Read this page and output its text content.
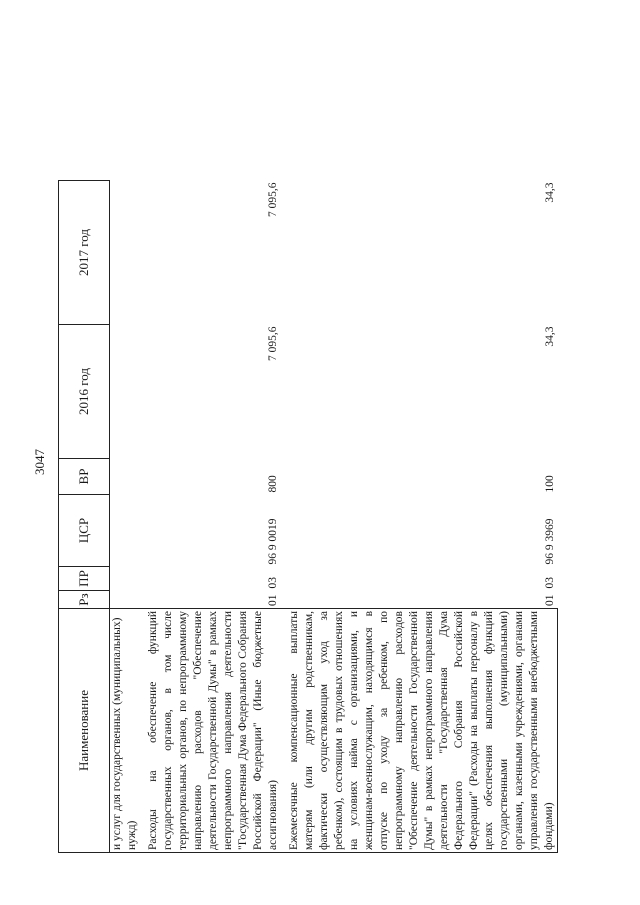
3047
Наименование	Рз	ПР	ЦСР	ВР	2016 год	2017 год
и услуг для государственных (муниципальных) нужд)						

Расходы на обеспечение функций государственных органов, в том числе территориальных органов, по непрограммному направлению расходов "Обеспечение деятельности Государственной Думы" в рамках непрограммного направления деятельности "Государственная Дума Федерального Собрания Российской Федерации" (Иные бюджетные ассигнования)	01	03	96 9 0019	800	7 095,6	7 095,6

Ежемесячные компенсационные выплаты матерям (или другим родственникам, фактически осуществляющим уход за ребенком), состоящим в трудовых отношениях на условиях найма с организациями, и женщинам-военнослужащим, находящимся в отпуске по уходу за ребенком, по непрограммному направлению расходов "Обеспечение деятельности Государственной Думы" в рамках непрограммного направления деятельности "Государственная Дума Федерального Собрания Российской Федерации" (Расходы на выплаты персоналу в целях обеспечения выполнения функций государственными (муниципальными) органами, казенными учреждениями, органами управления государственными внебюджетными фондами)	01	03	96 9 3969	100	34,3	34,3
